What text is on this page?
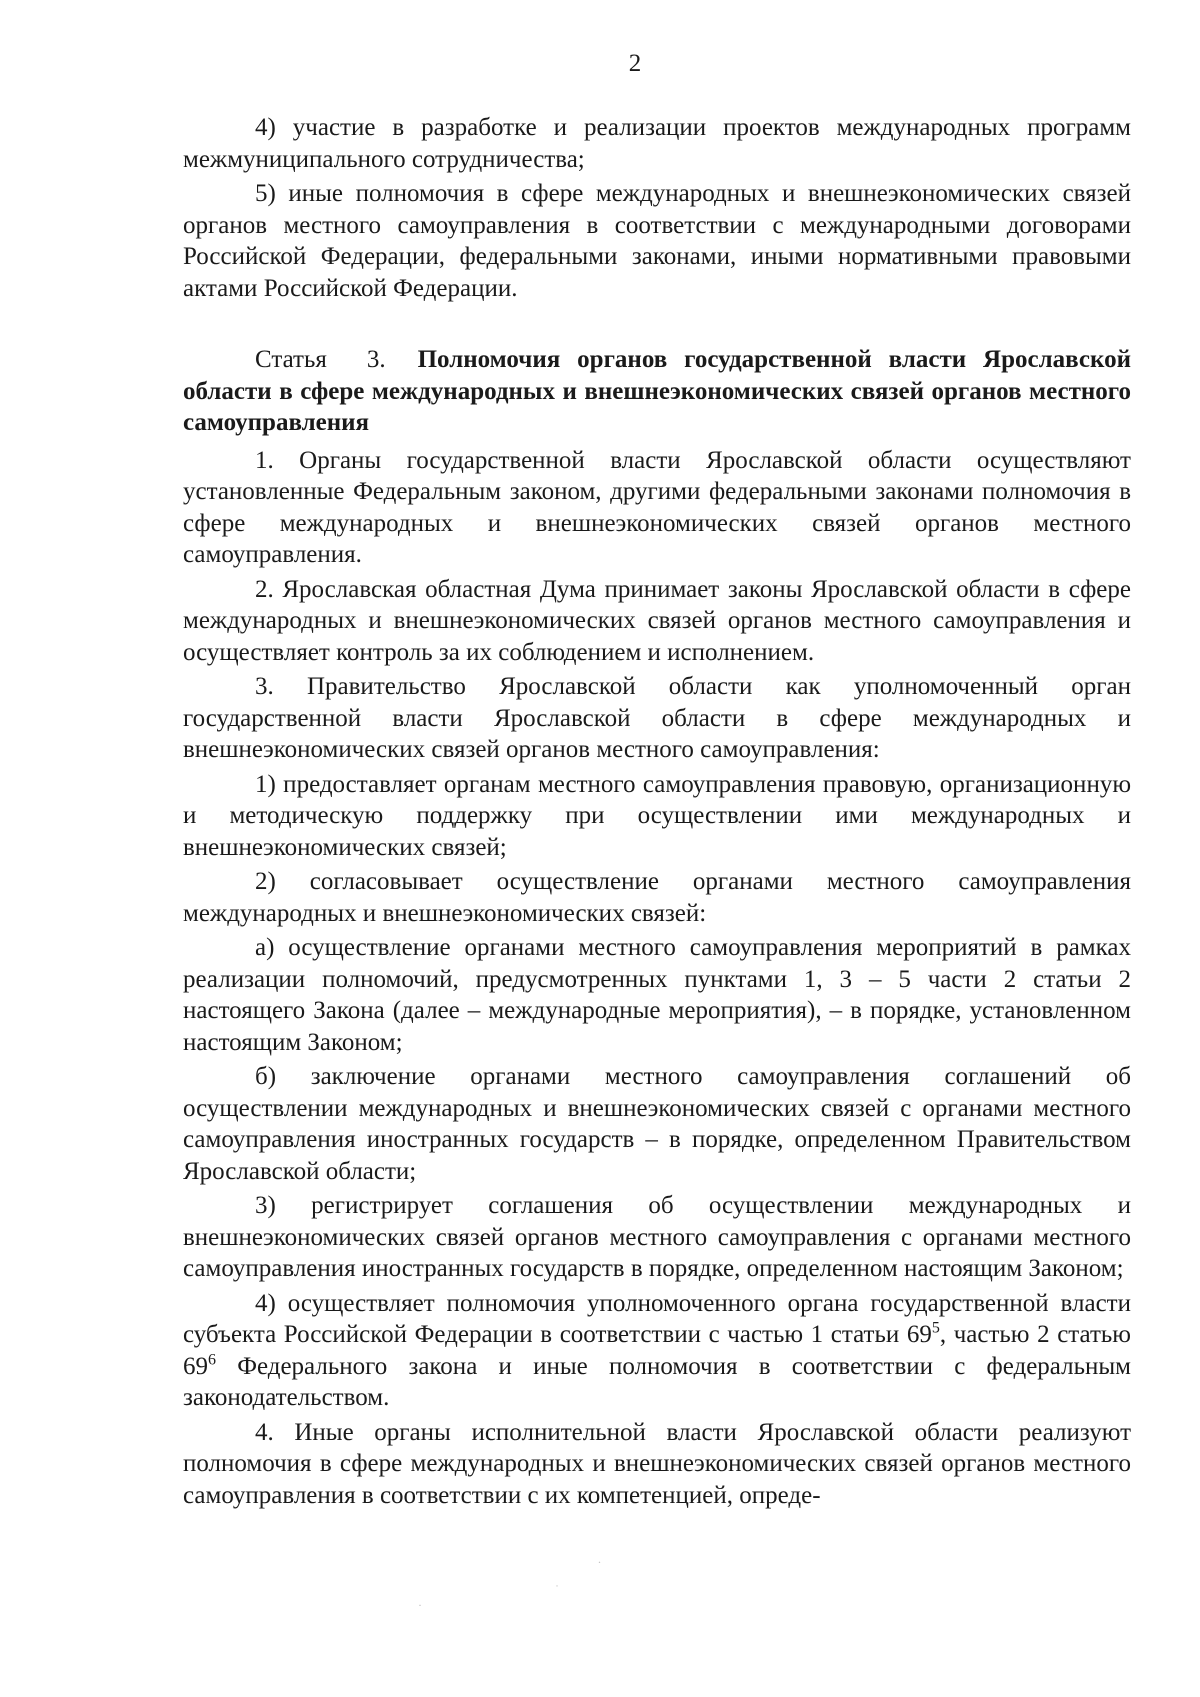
2

4) участие в разработке и реализации проектов международных программ межмуниципального сотрудничества;

5) иные полномочия в сфере международных и внешнеэкономических связей органов местного самоуправления в соответствии с международными договорами Российской Федерации, федеральными законами, иными нормативными правовыми актами Российской Федерации.

Статья 3. Полномочия органов государственной власти Ярославской области в сфере международных и внешнеэкономических связей органов местного самоуправления

1. Органы государственной власти Ярославской области осуществляют установленные Федеральным законом, другими федеральными законами полномочия в сфере международных и внешнеэкономических связей органов местного самоуправления.

2. Ярославская областная Дума принимает законы Ярославской области в сфере международных и внешнеэкономических связей органов местного самоуправления и осуществляет контроль за их соблюдением и исполнением.

3. Правительство Ярославской области как уполномоченный орган государственной власти Ярославской области в сфере международных и внешнеэкономических связей органов местного самоуправления:

1) предоставляет органам местного самоуправления правовую, организационную и методическую поддержку при осуществлении ими международных и внешнеэкономических связей;

2) согласовывает осуществление органами местного самоуправления международных и внешнеэкономических связей:

а) осуществление органами местного самоуправления мероприятий в рамках реализации полномочий, предусмотренных пунктами 1, 3 – 5 части 2 статьи 2 настоящего Закона (далее – международные мероприятия), – в порядке, установленном настоящим Законом;

б) заключение органами местного самоуправления соглашений об осуществлении международных и внешнеэкономических связей с органами местного самоуправления иностранных государств – в порядке, определенном Правительством Ярославской области;

3) регистрирует соглашения об осуществлении международных и внешнеэкономических связей органов местного самоуправления с органами местного самоуправления иностранных государств в порядке, определенном настоящим Законом;

4) осуществляет полномочия уполномоченного органа государственной власти субъекта Российской Федерации в соответствии с частью 1 статьи $69^5$, частью 2 статью $69^6$ Федерального закона и иные полномочия в соответствии с федеральным законодательством.

4. Иные органы исполнительной власти Ярославской области реализуют полномочия в сфере международных и внешнеэкономических связей органов местного самоуправления в соответствии с их компетенцией, опреде-

.
˙
·
